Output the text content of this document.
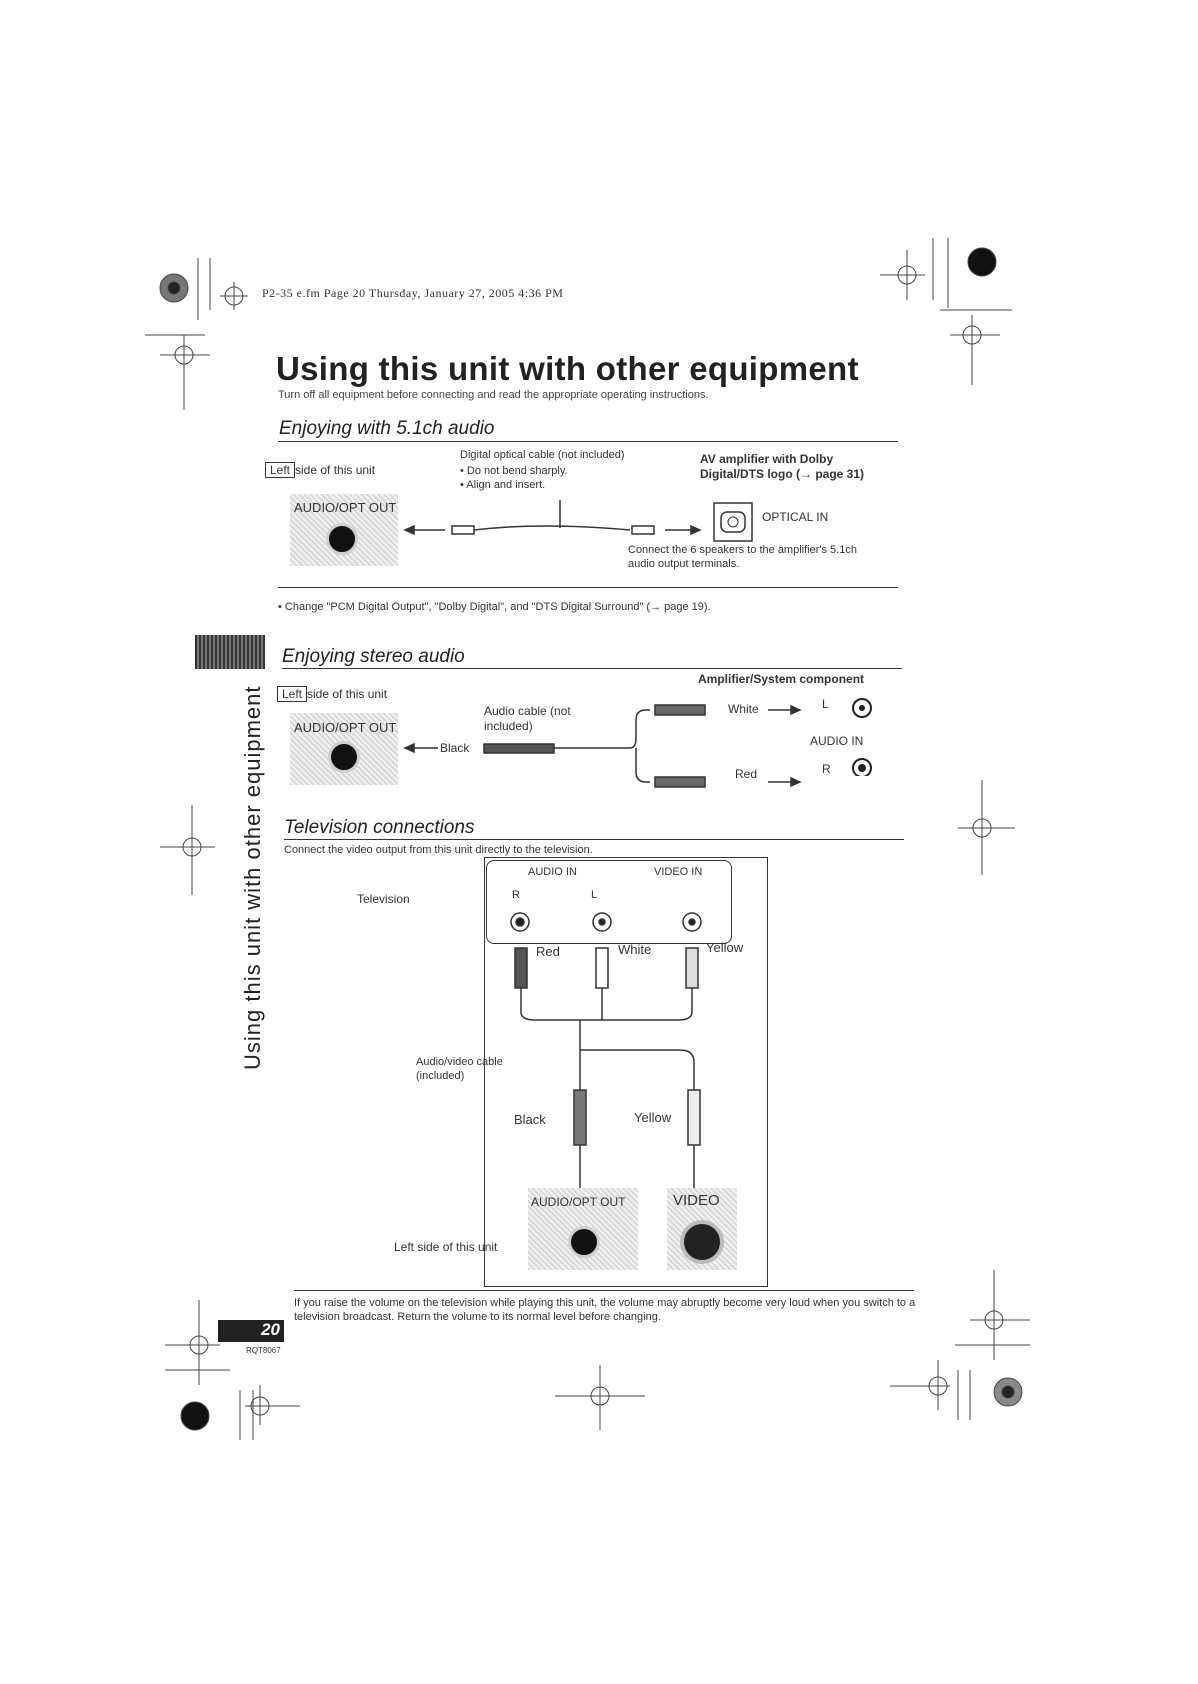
P2-35 e.fm Page 20 Thursday, January 27, 2005 4:36 PM
Using this unit with other equipment
Turn off all equipment before connecting and read the appropriate operating instructions.
Enjoying with 5.1ch audio
Left side of this unit
AUDIO/OPT OUT
Digital optical cable (not included)
• Do not bend sharply.
• Align and insert.
AV amplifier with Dolby Digital/DTS logo (→ page 31)
OPTICAL IN
Connect the 6 speakers to the amplifier's 5.1ch audio output terminals.
• Change "PCM Digital Output", "Dolby Digital", and "DTS Digital Surround" (→ page 19).
Using this unit with other equipment
Enjoying stereo audio
Left side of this unit
AUDIO/OPT OUT
Black
Audio cable (not included)
Amplifier/System component
White
Red
L
R
AUDIO IN
Television connections
Connect the video output from this unit directly to the television.
Television
AUDIO IN	VIDEO IN
R	L
Red	White	Yellow
Audio/video cable (included)
Black	Yellow
AUDIO/OPT OUT	VIDEO
Left side of this unit
If you raise the volume on the television while playing this unit, the volume may abruptly become very loud when you switch to a television broadcast. Return the volume to its normal level before changing.
20
RQT8067
